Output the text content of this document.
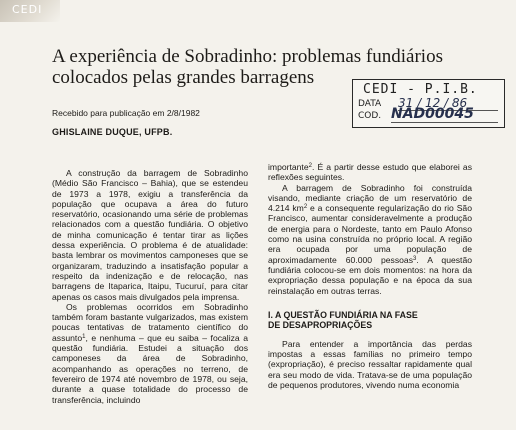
CEDI
A experiência de Sobradinho: problemas fundiários
colocados pelas grandes barragens
CEDI - P.I.B.
DATA 31 / 12 / 86
COD. NAD00045
Recebido para publicação em 2/8/1982
GHISLAINE DUQUE, UFPB.

A construção da barragem de Sobradinho (Médio São Francisco – Bahia), que se estendeu de 1973 a 1978, exigiu a transferência da população que ocupava a área do futuro reservatório, ocasionando uma série de problemas relacionados com a questão fundiária. O objetivo de minha comunicação é tentar tirar as lições dessa experiência. O problema é de atualidade: basta lembrar os movimentos camponeses que se organizaram, traduzindo a insatisfação popular a respeito da indenização e de relocação, nas barragens de Itaparica, Itaipu, Tucuruí, para citar apenas os casos mais divulgados pela imprensa.

Os problemas ocorridos em Sobradinho também foram bastante vulgarizados, mas existem poucas tentativas de tratamento científico do assunto$^1$, e nenhuma – que eu saiba – focaliza a questão fundiária. Estudei a situação dos camponeses da área de Sobradinho, acompanhando as operações no terreno, de fevereiro de 1974 até novembro de 1978, ou seja, durante a quase totalidade do processo de transferência, incluindo

importante$^2$. É a partir desse estudo que elaborei as reflexões seguintes.

A barragem de Sobradinho foi construída visando, mediante criação de um reservatório de 4.214 $km^2$ e a consequente regularização do rio São Francisco, aumentar consideravelmente a produção de energia para o Nordeste, tanto em Paulo Afonso como na usina construída no próprio local. A região era ocupada por uma população de aproximadamente 60.000 pessoas$^3$. A questão fundiária colocou-se em dois momentos: na hora da expropriação dessa população e na época da sua reinstalação em outras terras.

I. A QUESTÃO FUNDIÁRIA NA FASE
DE DESAPROPRIAÇÕES

Para entender a importância das perdas impostas a essas famílias no primeiro tempo (expropriação), é preciso ressaltar rapidamente qual era seu modo de vida. Tratava-se de uma população de pequenos produtores, vivendo numa economia
